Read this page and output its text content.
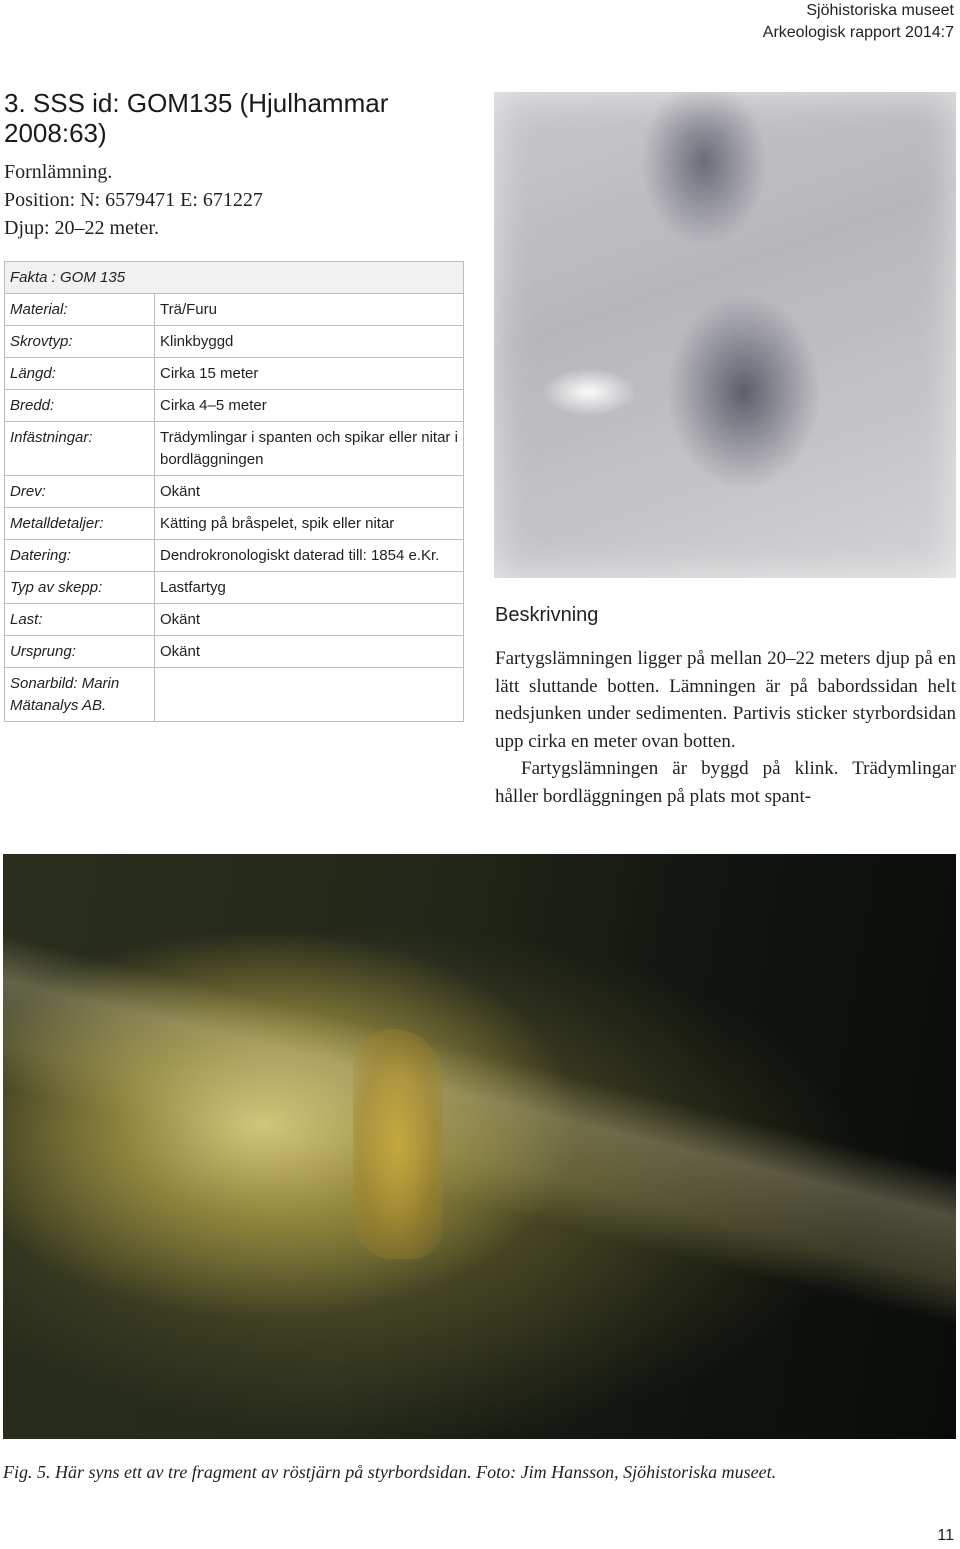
Sjöhistoriska museet
Arkeologisk rapport 2014:7
3. SSS id: GOM135 (Hjulhammar 2008:63)
Fornlämning.
Position: N: 6579471 E: 671227
Djup: 20–22 meter.
Fakta : GOM 135	
Material:	Trä/Furu
Skrovtyp:	Klinkbyggd
Längd:	Cirka 15 meter
Bredd:	Cirka 4–5 meter
Infästningar:	Trädymlingar i spanten och spikar eller nitar i bordläggningen
Drev:	Okänt
Metalldetaljer:	Kätting på bråspelet, spik eller nitar
Datering:	Dendrokronologiskt daterad till: 1854 e.Kr.
Typ av skepp:	Lastfartyg
Last:	Okänt
Ursprung:	Okänt
Sonarbild: Marin Mätanalys AB.	
Beskrivning

Fartygslämningen ligger på mellan 20–22 meters djup på en lätt sluttande botten. Lämningen är på babordssidan helt nedsjunken under sedimenten. Partivis sticker styrbordsidan upp cirka en meter ovan botten.

Fartygslämningen är byggd på klink. Trädymlingar håller bordläggningen på plats mot spant-

Fig. 5. Här syns ett av tre fragment av röstjärn på styrbordsidan. Foto: Jim Hansson, Sjöhistoriska museet.
11
